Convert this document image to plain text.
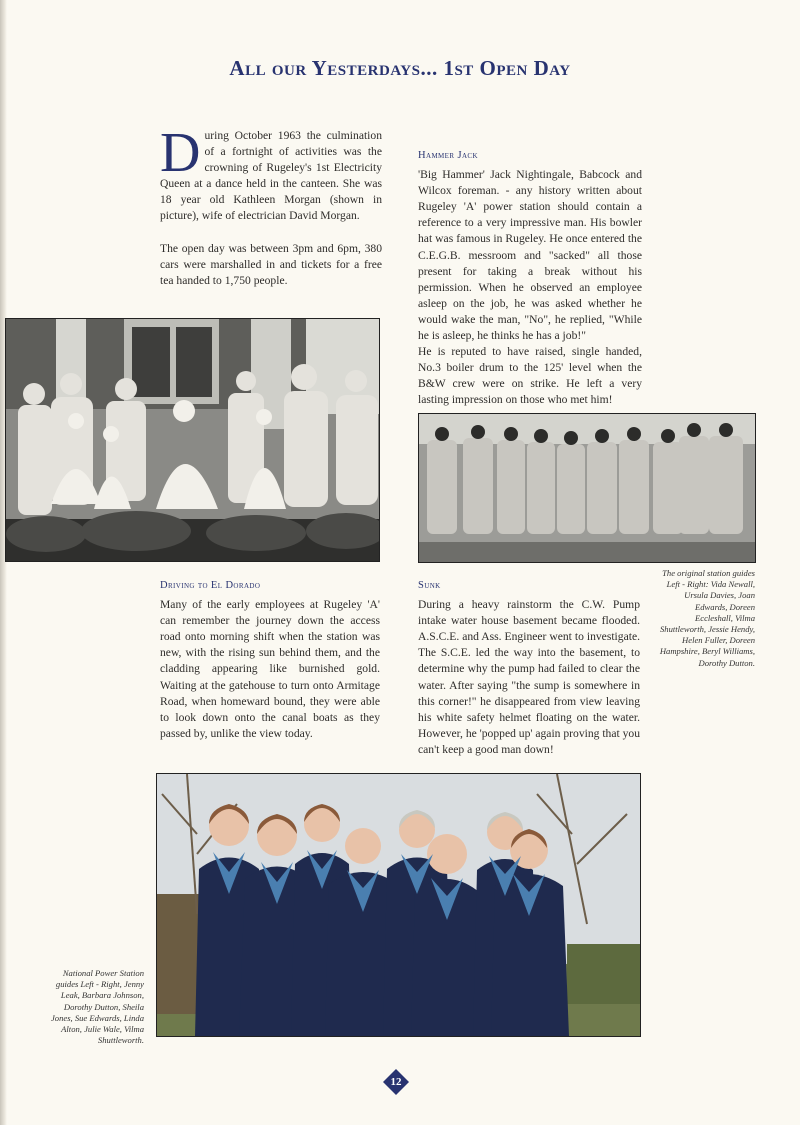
All our Yesterdays... 1st Open Day

During October 1963 the culmination of a fortnight of activities was the crowning of Rugeley's 1st Electricity Queen at a dance held in the canteen. She was 18 year old Kathleen Morgan (shown in picture), wife of electrician David Morgan.

The open day was between 3pm and 6pm, 380 cars were marshalled in and tickets for a free tea handed to 1,750 people.

Hammer Jack

'Big Hammer' Jack Nightingale, Babcock and Wilcox foreman. - any history written about Rugeley 'A' power station should contain a reference to a very impressive man. His bowler hat was famous in Rugeley. He once entered the C.E.G.B. messroom and "sacked" all those present for taking a break without his permission. When he observed an employee asleep on the job, he was asked whether he would wake the man, "No", he replied, "While he is asleep, he thinks he has a job!"

He is reputed to have raised, single handed, No.3 boiler drum to the 125' level when the B&W crew were on strike. He left a very lasting impression on those who met him!

The original station guides Left - Right: Vida Newall, Ursula Davies, Joan Edwards, Doreen Eccleshall, Vilma Shuttleworth, Jessie Hendy, Helen Fuller, Doreen Hampshire, Beryl Williams, Dorothy Dutton.
Driving to El Dorado

Many of the early employees at Rugeley 'A' can remember the journey down the access road onto morning shift when the station was new, with the rising sun behind them, and the cladding appearing like burnished gold. Waiting at the gatehouse to turn onto Armitage Road, when homeward bound, they were able to look down onto the canal boats as they passed by, unlike the view today.

Sunk

During a heavy rainstorm the C.W. Pump intake water house basement became flooded. A.S.C.E. and Ass. Engineer went to investigate. The S.C.E. led the way into the basement, to determine why the pump had failed to clear the water. After saying "the sump is somewhere in this corner!" he disappeared from view leaving his white safety helmet floating on the water. However, he 'popped up' again proving that you can't keep a good man down!

National Power Station guides Left - Right, Jenny Leak, Barbara Johnson, Dorothy Dutton, Sheila Jones, Sue Edwards, Linda Alton, Julie Wale, Vilma Shuttleworth.
12
